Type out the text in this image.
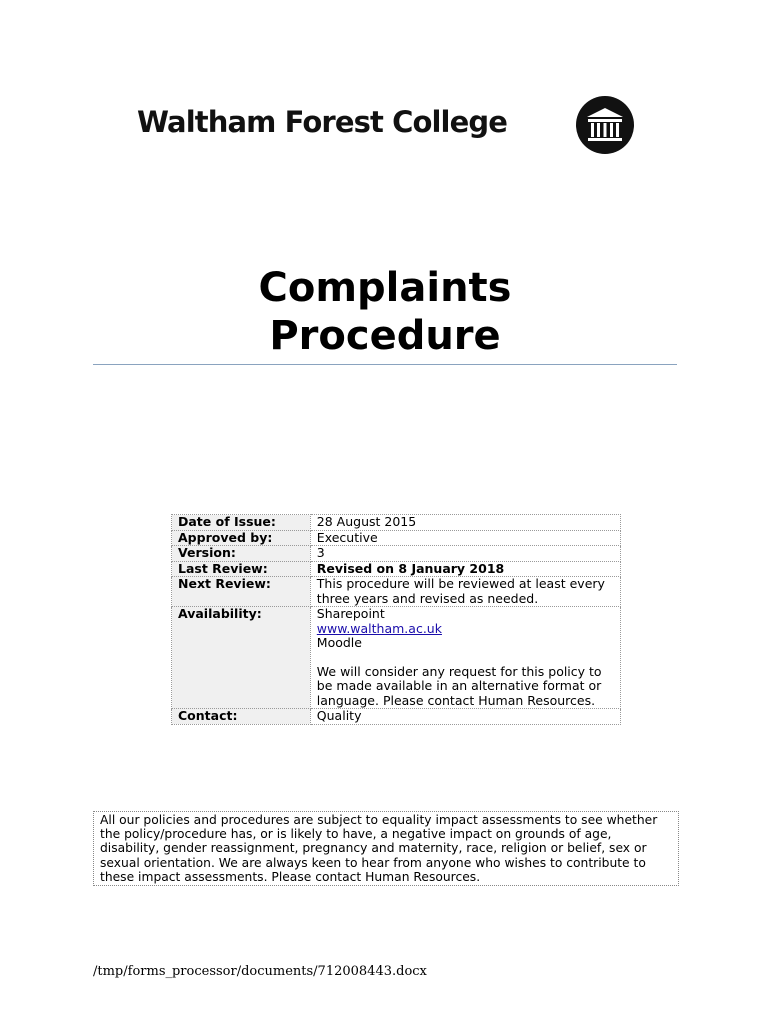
Waltham Forest College
Complaints
Procedure
Date of Issue:	28 August 2015
Approved by:	Executive
Version:	3
Last Review:	Revised on 8 January 2018
Next Review:	This procedure will be reviewed at least every three years and revised as needed.
Availability:	Sharepoint
www.waltham.ac.uk
Moodle
We will consider any request for this policy to be made available in an alternative format or language. Please contact Human Resources.

Contact:	Quality
All our policies and procedures are subject to equality impact assessments to see whether the policy/procedure has, or is likely to have, a negative impact on grounds of age, disability, gender reassignment, pregnancy and maternity, race, religion or belief, sex or sexual orientation. We are always keen to hear from anyone who wishes to contribute to these impact assessments. Please contact Human Resources.
/tmp/forms_processor/documents/712008443.docx
